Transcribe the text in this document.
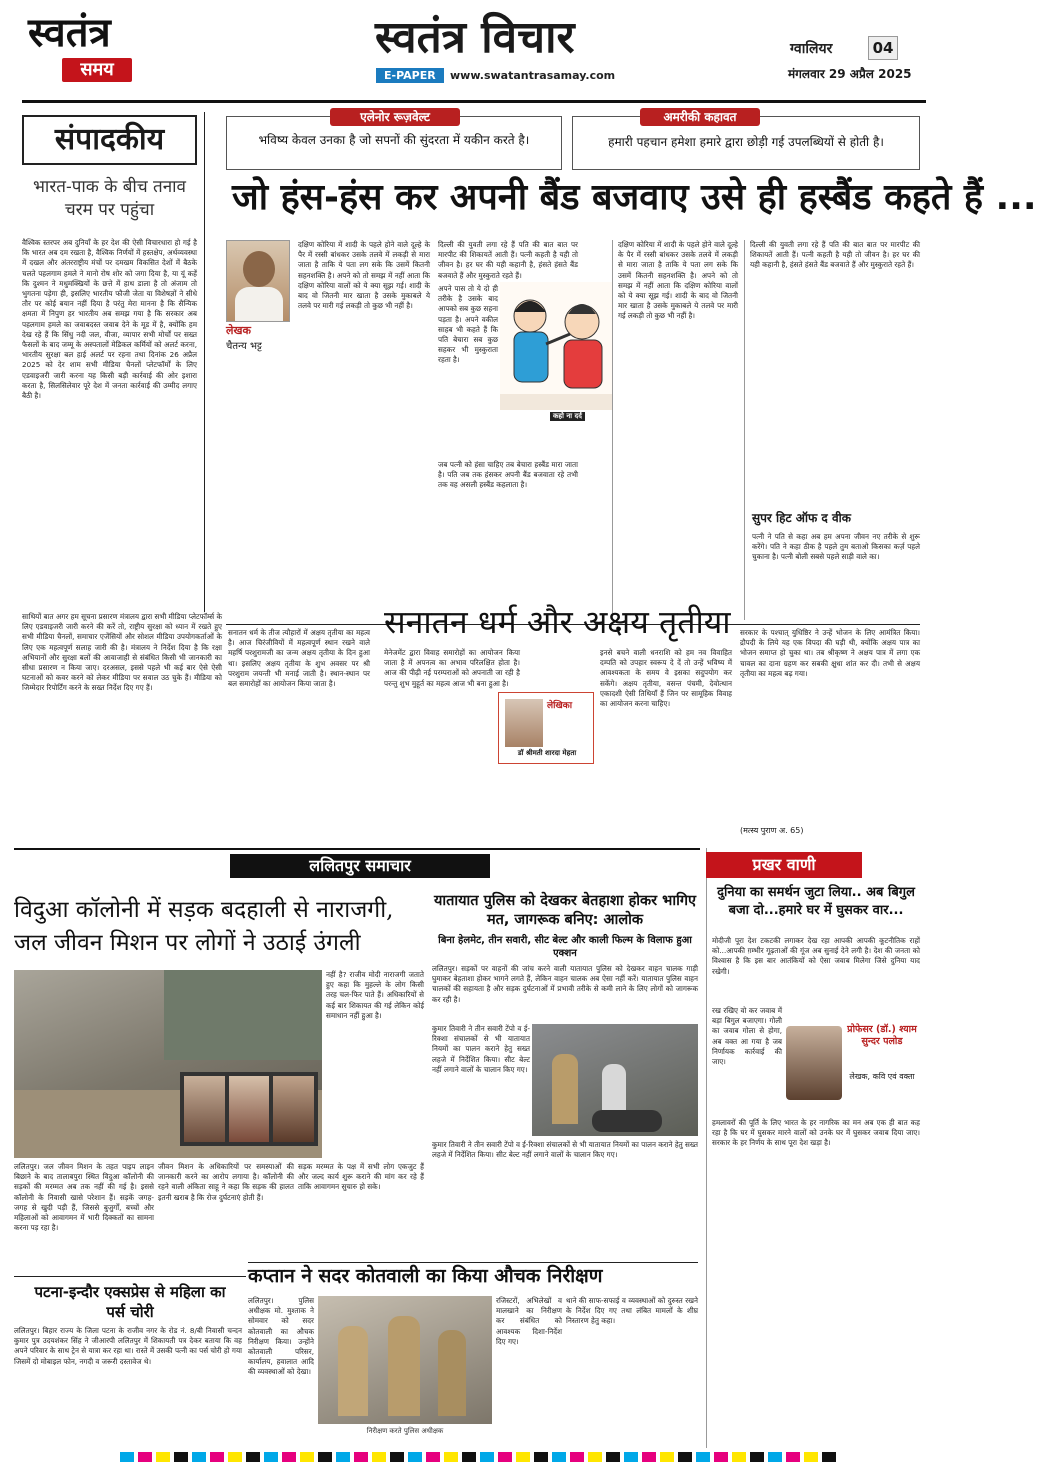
स्वतंत्र
समय
स्वतंत्र विचार
E-PAPER	www.swatantrasamay.com
ग्वालियर	04
मंगलवार 29 अप्रैल 2025
संपादकीय
भारत-पाक के बीच तनाव चरम पर पहुंचा
वैश्विक स्तरपर अब दुनियाँ के हर देश की ऐसी विचारधारा हो गई है कि भारत अब दम रखता है, वैश्विक निर्णयों में हस्तक्षेप, अर्थव्यवस्था में दखल और अंतरराष्ट्रीय मंचों पर दमखम विकसित देशों में बैठके चलते पहलगाम हमले ने मानो रोष शोर को जगा दिया है, या यूं कहें कि दुश्मन ने मधुमक्खियों के छत्ते में हाथ डाला है तो अंजाम तो भुगतना पड़ेगा ही, इसलिए भारतीय फौजी जेता या विशेषज्ञों ने सीधे तौर पर कोई बयान नहीं दिया है परंतु मेरा मानना है कि सैन्यिक क्षमता में निपुण हर भारतीय अब समझ गया है कि सरकार अब पहलगाम हमले का जवाबदस्त जवाब देने के मूड में है, क्योंकि हम देख रहे हैं कि सिंधु नदी जल, वीजा, व्यापार सभी मोर्चों पर सख्त फैसलों के बाद जम्मू के अस्पतालों मेडिकल कर्मियों को अलर्ट करना, भारतीय सुरक्षा बल हाई अलर्ट पर रहना तथा दिनांक 26 अप्रैल 2025 को देर शाम सभी मीडिया चैनलों प्लेटफॉर्मों के लिए एडवाइजरी जारी करना यह किसी बड़ी कार्रवाई की ओर इशारा करता है, सिलसिलेवार पूरे देश में जनता कार्रवाई की उम्मीद लगाए बैठी है।
साथियों बात अगर हम सूचना प्रसारण मंत्रालय द्वारा सभी मीडिया प्लेटफॉर्म्स के लिए एडवाइजरी जारी करने की करें तो, राष्ट्रीय सुरक्षा को ध्यान में रखते हुए सभी मीडिया चैनलों, समाचार एजेंसियों और सोशल मीडिया उपयोगकर्ताओं के लिए एक महत्वपूर्ण सलाह जारी की है। मंत्रालय ने निर्देश दिया है कि रक्षा अभियानों और सुरक्षा बलों की आवाजाही से संबंधित किसी भी जानकारी का सीधा प्रसारण न किया जाए। दरअसल, इससे पहले भी कई बार ऐसे ऐसी घटनाओं को कवर करने को लेकर मीडिया पर सवाल उठ चुके हैं। मीडिया को जिम्मेदार रिपोर्टिंग करने के सख्त निर्देश दिए गए हैं।
एलेनोर रूज़वेल्ट
भविष्य केवल उनका है जो सपनों की सुंदरता में यकीन करते है।
अमरीकी कहावत
हमारी पहचान हमेशा हमारे द्वारा छोड़ी गई उपलब्धियों से होती है।
जो हंस-हंस कर अपनी बैंड बजवाए उसे ही हस्बैंड कहते हैं ...
लेखक
चैतन्य भट्ट
दक्षिण कोरिया में शादी के पहले होने वाले दूल्हे के पैर में रस्सी बांधकर उसके तलवे में लकड़ी से मारा जाता है ताकि ये पता लग सके कि उसमें कितनी सहनशक्ति है। अपने को तो समझ में नहीं आता कि दक्षिण कोरिया वालों को ये क्या सूझ गई। शादी के बाद वो जितनी मार खाता है उसके मुकाबले ये तलवे पर मारी गई लकड़ी तो कुछ भी नहीं है।
दिल्ली की युवती लगा रहे हैं पति की बात बात पर मारपीट की शिकायतें आती हैं। पत्नी कहती है यही तो जीवन है। हर घर की यही कहानी है, हंसते हंसते बैंड बजवाते हैं और मुस्कुराते रहते हैं।
अपने पास तो ये दो ही तरीके है उसके बाद आपको सब कुछ सहना पड़ता है। अपने वकील साहब भी कहते हैं कि पति बेचारा सब कुछ सहकर भी मुस्कुराता रहता है।
जब पत्नी को हंसा चाहिए तब बेचारा हस्बैंड मारा जाता है। पति जब तक हंसकर अपनी बैंड बजवाता रहे तभी तक वह असली हस्बैंड कहलाता है।
कहो ना दर्द
दक्षिण कोरिया में शादी के पहले होने वाले दूल्हे के पैर में रस्सी बांधकर उसके तलवे में लकड़ी से मारा जाता है ताकि ये पता लग सके कि उसमें कितनी सहनशक्ति है। अपने को तो समझ में नहीं आता कि दक्षिण कोरिया वालों को ये क्या सूझ गई। शादी के बाद वो जितनी मार खाता है उसके मुकाबले ये तलवे पर मारी गई लकड़ी तो कुछ भी नहीं है।
दिल्ली की युवती लगा रहे हैं पति की बात बात पर मारपीट की शिकायतें आती हैं। पत्नी कहती है यही तो जीवन है। हर घर की यही कहानी है, हंसते हंसते बैंड बजवाते हैं और मुस्कुराते रहते हैं।
सुपर हिट ऑफ द वीक
पत्नी ने पति से कहा अब हम अपना जीवन नए तरीके से शुरू करेंगे। पति ने कहा ठीक है पहले तुम बताओ किसका कर्ज़ पहले चुकाना है। पत्नी बोली सबसे पहले साड़ी वाले का।
सनातन धर्म के तीज त्यौहारों में अक्षय तृतीया का महत्व है। आज चिरंजीवियों में महत्वपूर्ण स्थान रखने वाले महर्षि परशुरामजी का जन्म अक्षय तृतीया के दिन हुआ था। इसलिए अक्षय तृतीया के शुभ अवसर पर श्री परशुराम जयन्ती भी मनाई जाती है। स्थान-स्थान पर बल समारोहों का आयोजन किया जाता है।
सनातन धर्म और अक्षय तृतीया
मेनेजमेंट द्वारा विवाह समारोहों का आयोजन किया जाता है में अपनत्व का अभाव परिलक्षित होता है। आज की पीढ़ी नई परम्पराओं को अपनाती जा रही है परन्तु शुभ मुहूर्त का महत्व आज भी बना हुआ है।
लेखिका
डॉ श्रीमती शारदा मेहता
इनसे बचने वाली धनराशि को हम नव विवाहित दम्पति को उपहार स्वरूप दे दें तो उन्हें भविष्य में आवश्यकता के समय वे इसका सदुपयोग कर सकेंगे। अक्षय तृतीया, वसन्त पंचमी, देवोत्थान एकादशी ऐसी तिथियाँ हैं जिन पर सामूहिक विवाह का आयोजन करना चाहिए।
सरकार के पश्चात् युधिष्ठिर ने उन्हें भोजन के लिए आमंत्रित किया। द्रौपदी के लिये यह एक विपदा की घड़ी थी, क्योंकि अक्षय पात्र का भोजन समाप्त हो चुका था। तब श्रीकृष्ण ने अक्षय पात्र में लगा एक चावल का दाना ग्रहण कर सबकी क्षुधा शांत कर दी। तभी से अक्षय तृतीया का महत्व बढ़ गया।
(मत्स्य पुराण अ. 65)
ललितपुर समाचार
विदुआ कॉलोनी में सड़क बदहाली से नाराजगी, जल जीवन मिशन पर लोगों ने उठाई उंगली
नहीं है? राजीव मोदी नाराजगी जताते हुए कहा कि मुहल्ले के लोग किसी तरह चल-फिर पाते हैं। अधिकारियों से कई बार शिकायत की गई लेकिन कोई समाधान नहीं हुआ है।
ललितपुर। जल जीवन मिशन के तहत पाइप लाइन बिछाने के बाद तालाबपुरा स्थित विदुआ कॉलोनी की सड़कों की मरम्मत अब तक नहीं की गई है। इससे कॉलोनी के निवासी खासे परेशान हैं। सड़कें जगह-जगह से खुदी पड़ी हैं, जिससे बुजुर्गों, बच्चों और महिलाओं को आवागमन में भारी दिक्कतों का सामना करना पड़ रहा है।
जीवन मिशन के अधिकारियों पर समस्याओं की जानकारी करने का आरोप लगाया है। कॉलोनी की रहने वाली अंकिता साहू ने कहा कि सड़क की हालत इतनी खराब है कि रोज दुर्घटनाएं होती हैं।
सड़क मरम्मत के पक्ष में सभी लोग एकजुट हैं और जल्द कार्य शुरू कराने की मांग कर रहे हैं ताकि आवागमन सुचारु हो सके।
यातायात पुलिस को देखकर बेतहाशा होकर भागिए मत, जागरूक बनिए: आलोक
बिना हेलमेट, तीन सवारी, सीट बेल्ट और काली फिल्म के विलाफ हुआ एक्शन
ललितपुर। सड़कों पर वाहनों की जांच करने वाली यातायात पुलिस को देखकर वाहन चालक गाड़ी घुमाकर बेहताशा होकर भागने लगते हैं, लेकिन वाहन चालक अब ऐसा नहीं करें। यातायात पुलिस वाहन चालकों की सहायता है और सड़क दुर्घटनाओं में प्रभावी तरीके से कमी लाने के लिए लोगों को जागरूक कर रही है।
कुमार तिवारी ने तीन सवारी टेंपो व ई-रिक्शा संचालकों से भी यातायात नियमों का पालन कराने हेतु सख्त लहजे में निर्देशित किया। सीट बेल्ट नहीं लगाने वालों के चालान किए गए।
कुमार तिवारी ने तीन सवारी टेंपो व ई-रिक्शा संचालकों से भी यातायात नियमों का पालन कराने हेतु सख्त लहजे में निर्देशित किया। सीट बेल्ट नहीं लगाने वालों के चालान किए गए।
पटना-इन्दौर एक्सप्रेस से महिला का पर्स चोरी
ललितपुर। बिहार राज्य के जिला पटना के राजीव नगर के रोड नं. 8/बी निवासी चन्दन कुमार पुत्र उदयशंकर सिंह ने जीआरपी ललितपुर में शिकायती पत्र देकर बताया कि वह अपने परिवार के साथ ट्रेन से यात्रा कर रहा था। रास्ते में उसकी पत्नी का पर्स चोरी हो गया जिसमें दो मोबाइल फोन, नगदी व जरूरी दस्तावेज थे।
कप्तान ने सदर कोतवाली का किया औचक निरीक्षण
ललितपुर। पुलिस अधीक्षक मो. मुश्ताक ने सोमवार को सदर कोतवाली का औचक निरीक्षण किया। उन्होंने कोतवाली परिसर, कार्यालय, हवालात आदि की व्यवस्थाओं को देखा।
निरीक्षण करते पुलिस अधीक्षक
रजिस्टरों, अभिलेखों व मालखाने का निरीक्षण कर संबंधित को आवश्यक दिशा-निर्देश दिए गए।
थाने की साफ-सफाई व व्यवस्थाओं को दुरुस्त रखने के निर्देश दिए गए तथा लंबित मामलों के शीघ्र निस्तारण हेतु कहा।
प्रखर वाणी
दुनिया का समर्थन जुटा लिया.. अब बिगुल बजा दो...हमारे घर में घुसकर वार...
मोदीजी पूरा देश टकटकी लगाकर देख रहा आपकी आपकी कूटनीतिक राहों को...आपकी ग़म्भीर गूढ़ताओं की गूंज अब सुनाई देने लगी है। देश की जनता को विश्वास है कि इस बार आतंकियों को ऐसा जवाब मिलेगा जिसे दुनिया याद रखेगी।
रख रखिए वो कर जवाब में बड़ा बिगुल बजाएगा। गोली का जवाब गोला से होगा, अब वक्त आ गया है जब निर्णायक कार्रवाई की जाए।
प्रोफेसर (डॉ.) श्याम सुन्दर पलोड
लेखक, कवि एवं वक्ता
हमलावरों की पूर्ति के लिए भारत के हर नागरिक का मन अब एक ही बात कह रहा है कि घर में घुसकर मारने वालों को उनके घर में घुसकर जवाब दिया जाए। सरकार के हर निर्णय के साथ पूरा देश खड़ा है।
